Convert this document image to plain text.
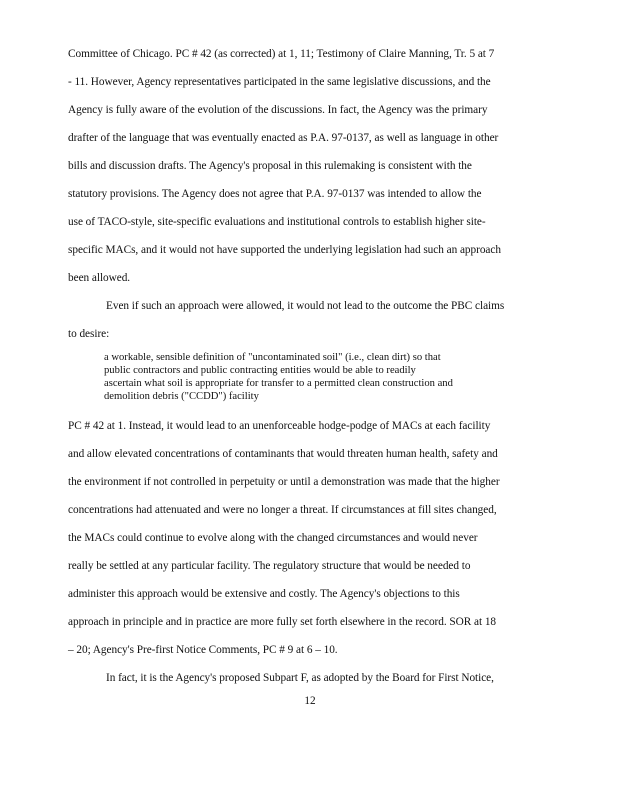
Committee of Chicago. PC # 42 (as corrected) at 1, 11; Testimony of Claire Manning, Tr. 5 at 7
- 11. However, Agency representatives participated in the same legislative discussions, and the
Agency is fully aware of the evolution of the discussions. In fact, the Agency was the primary
drafter of the language that was eventually enacted as P.A. 97-0137, as well as language in other
bills and discussion drafts. The Agency's proposal in this rulemaking is consistent with the
statutory provisions. The Agency does not agree that P.A. 97-0137 was intended to allow the
use of TACO-style, site-specific evaluations and institutional controls to establish higher site-
specific MACs, and it would not have supported the underlying legislation had such an approach
been allowed.
Even if such an approach were allowed, it would not lead to the outcome the PBC claims
to desire:
a workable, sensible definition of "uncontaminated soil" (i.e., clean dirt) so that
public contractors and public contracting entities would be able to readily
ascertain what soil is appropriate for transfer to a permitted clean construction and
demolition debris ("CCDD") facility
PC # 42 at 1. Instead, it would lead to an unenforceable hodge-podge of MACs at each facility
and allow elevated concentrations of contaminants that would threaten human health, safety and
the environment if not controlled in perpetuity or until a demonstration was made that the higher
concentrations had attenuated and were no longer a threat. If circumstances at fill sites changed,
the MACs could continue to evolve along with the changed circumstances and would never
really be settled at any particular facility. The regulatory structure that would be needed to
administer this approach would be extensive and costly. The Agency's objections to this
approach in principle and in practice are more fully set forth elsewhere in the record. SOR at 18
– 20; Agency's Pre-first Notice Comments, PC # 9 at 6 – 10.
In fact, it is the Agency's proposed Subpart F, as adopted by the Board for First Notice,
12
